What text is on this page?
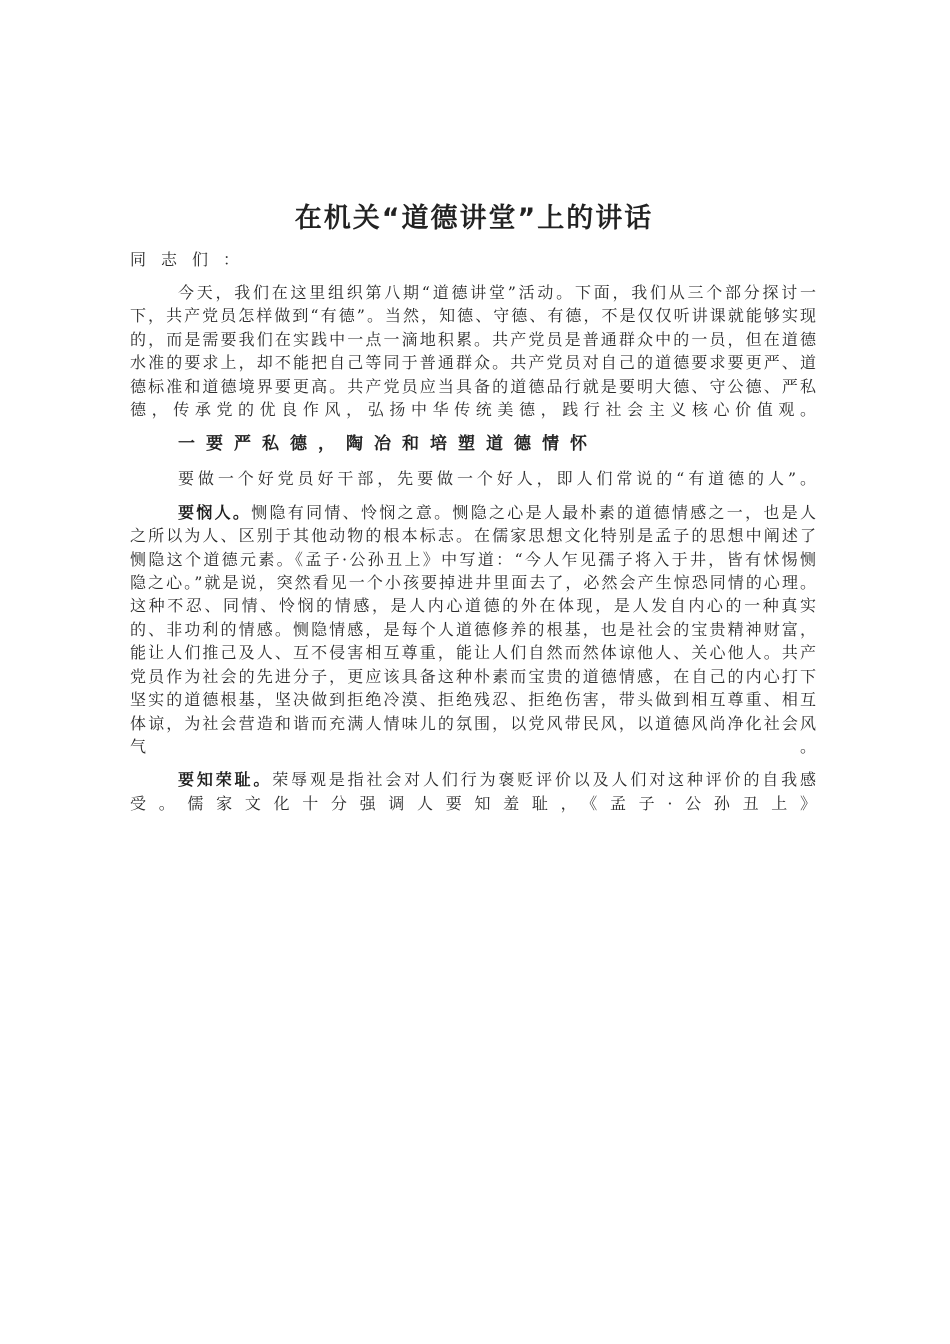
在机关“道德讲堂”上的讲话

同志们：

今天，我们在这里组织第八期“道德讲堂”活动。下面，我们从三个部分探讨一下，共产党员怎样做到“有德”。当然，知德、守德、有德，不是仅仅听讲课就能够实现的，而是需要我们在实践中一点一滴地积累。共产党员是普通群众中的一员，但在道德水准的要求上，却不能把自己等同于普通群众。共产党员对自己的道德要求要更严、道德标准和道德境界要更高。共产党员应当具备的道德品行就是要明大德、守公德、严私德，传承党的优良作风，弘扬中华传统美德，践行社会主义核心价值观。

一要严私德，陶冶和培塑道德情怀

要做一个好党员好干部，先要做一个好人，即人们常说的“有道德的人”。

要悯人。恻隐有同情、怜悯之意。恻隐之心是人最朴素的道德情感之一，也是人之所以为人、区别于其他动物的根本标志。在儒家思想文化特别是孟子的思想中阐述了恻隐这个道德元素。《孟子·公孙丑上》中写道：“今人乍见孺子将入于井，皆有怵惕恻隐之心。”就是说，突然看见一个小孩要掉进井里面去了，必然会产生惊恐同情的心理。这种不忍、同情、怜悯的情感，是人内心道德的外在体现，是人发自内心的一种真实的、非功利的情感。恻隐情感，是每个人道德修养的根基，也是社会的宝贵精神财富，能让人们推己及人、互不侵害相互尊重，能让人们自然而然体谅他人、关心他人。共产党员作为社会的先进分子，更应该具备这种朴素而宝贵的道德情感，在自己的内心打下坚实的道德根基，坚决做到拒绝冷漠、拒绝残忍、拒绝伤害，带头做到相互尊重、相互体谅，为社会营造和谐而充满人情味儿的氛围，以党风带民风，以道德风尚净化社会风气。

要知荣耻。荣辱观是指社会对人们行为褒贬评价以及人们对这种评价的自我感受。儒家文化十分强调人要知羞耻，《孟子·公孙丑上》
